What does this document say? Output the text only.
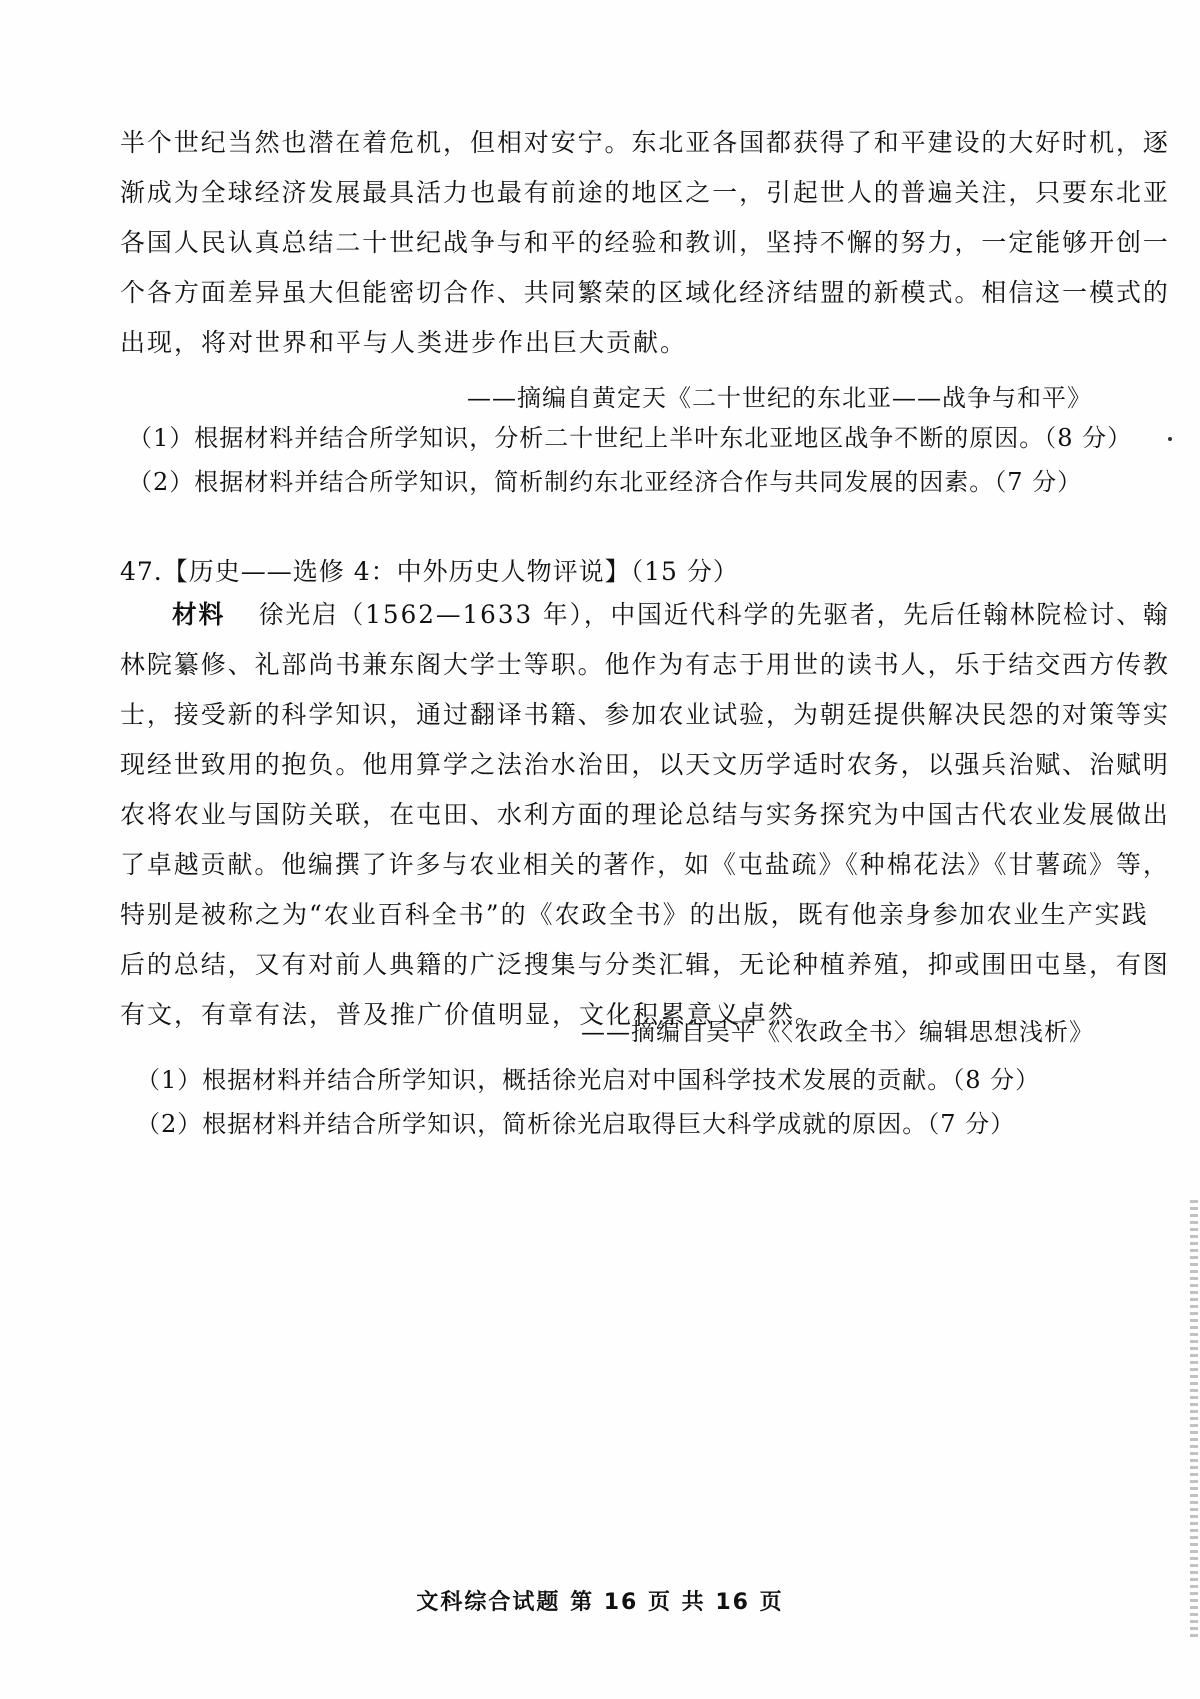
半个世纪当然也潜在着危机，但相对安宁。东北亚各国都获得了和平建设的大好时机，逐
渐成为全球经济发展最具活力也最有前途的地区之一，引起世人的普遍关注，只要东北亚
各国人民认真总结二十世纪战争与和平的经验和教训，坚持不懈的努力，一定能够开创一
个各方面差异虽大但能密切合作、共同繁荣的区域化经济结盟的新模式。相信这一模式的
出现，将对世界和平与人类进步作出巨大贡献。
——摘编自黄定天《二十世纪的东北亚——战争与和平》
（1）根据材料并结合所学知识，分析二十世纪上半叶东北亚地区战争不断的原因。（8 分）
（2）根据材料并结合所学知识，简析制约东北亚经济合作与共同发展的因素。（7 分）
47.【历史——选修 4：中外历史人物评说】（15 分）
材料 徐光启（1562—1633 年），中国近代科学的先驱者，先后任翰林院检讨、翰
林院纂修、礼部尚书兼东阁大学士等职。他作为有志于用世的读书人，乐于结交西方传教
士，接受新的科学知识，通过翻译书籍、参加农业试验，为朝廷提供解决民怨的对策等实
现经世致用的抱负。他用算学之法治水治田，以天文历学适时农务，以强兵治赋、治赋明
农将农业与国防关联，在屯田、水利方面的理论总结与实务探究为中国古代农业发展做出
了卓越贡献。他编撰了许多与农业相关的著作，如《屯盐疏》《种棉花法》《甘薯疏》等，
特别是被称之为“农业百科全书”的《农政全书》的出版，既有他亲身参加农业生产实践
后的总结，又有对前人典籍的广泛搜集与分类汇辑，无论种植养殖，抑或围田屯垦，有图
有文，有章有法，普及推广价值明显，文化积累意义卓然。
——摘编自吴平《〈农政全书〉编辑思想浅析》
（1）根据材料并结合所学知识，概括徐光启对中国科学技术发展的贡献。（8 分）
（2）根据材料并结合所学知识，简析徐光启取得巨大科学成就的原因。（7 分）
文科综合试题 第 16 页 共 16 页
